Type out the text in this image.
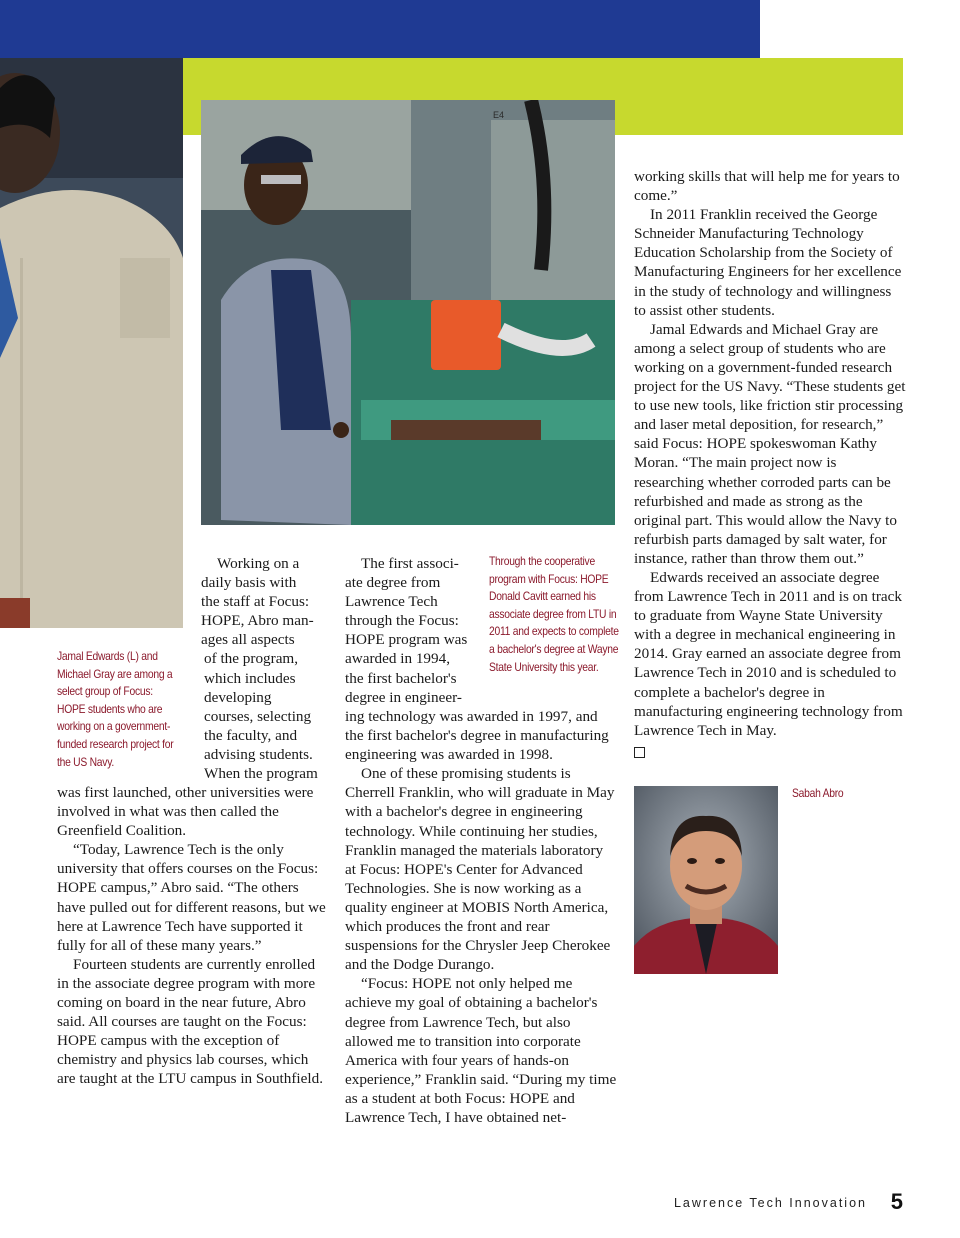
E4
Jamal Edwards (L) and Michael Gray are among a select group of Focus: HOPE students who are working on a government-funded research project for the US Navy.
Through the cooperative program with Focus: HOPE Donald Cavitt earned his associate degree from LTU in 2011 and expects to complete a bachelor's degree at Wayne State University this year.
Sabah Abro
Working on a
daily basis with
the staff at Focus:
HOPE, Abro man-
ages all aspects
of the program,
which includes
developing
courses, selecting
the faculty, and
advising students.
When the program

was first launched, other universities were involved in what was then called the Greenfield Coalition.

“Today, Lawrence Tech is the only university that offers courses on the Focus: HOPE campus,” Abro said. “The others have pulled out for different reasons, but we here at Lawrence Tech have supported it fully for all of these many years.”

Fourteen students are currently enrolled in the associate degree program with more coming on board in the near future, Abro said. All courses are taught on the Focus: HOPE campus with the exception of chemistry and physics lab courses, which are taught at the LTU campus in Southfield.

The first associ-
ate degree from
Lawrence Tech
through the Focus:
HOPE program was
awarded in 1994,
the first bachelor's
degree in engineer-

ing technology was awarded in 1997, and the first bachelor's degree in manufacturing engineering was awarded in 1998.

One of these promising students is Cherrell Franklin, who will graduate in May with a bachelor's degree in engineering technology. While continuing her studies, Franklin managed the materials laboratory at Focus: HOPE's Center for Advanced Technologies. She is now working as a quality engineer at MOBIS North America, which produces the front and rear suspensions for the Chrysler Jeep Cherokee and the Dodge Durango.

“Focus: HOPE not only helped me achieve my goal of obtaining a bachelor's degree from Lawrence Tech, but also allowed me to transition into corporate America with four years of hands-on experience,” Franklin said. “During my time as a student at both Focus: HOPE and Lawrence Tech, I have obtained net-

working skills that will help me for years to come.”

In 2011 Franklin received the George Schneider Manufacturing Technology Education Scholarship from the Society of Manufacturing Engineers for her excellence in the study of technology and willingness to assist other students.

Jamal Edwards and Michael Gray are among a select group of students who are working on a government-funded research project for the US Navy. “These students get to use new tools, like friction stir processing and laser metal deposition, for research,” said Focus: HOPE spokeswoman Kathy Moran. “The main project now is researching whether corroded parts can be refurbished and made as strong as the original part. This would allow the Navy to refurbish parts damaged by salt water, for instance, rather than throw them out.”

Edwards received an associate degree from Lawrence Tech in 2011 and is on track to graduate from Wayne State University with a degree in mechanical engineering in 2014. Gray earned an associate degree from Lawrence Tech in 2010 and is scheduled to complete a bachelor's degree in manufacturing engineering technology from Lawrence Tech in May.

Lawrence Tech Innovation 5
